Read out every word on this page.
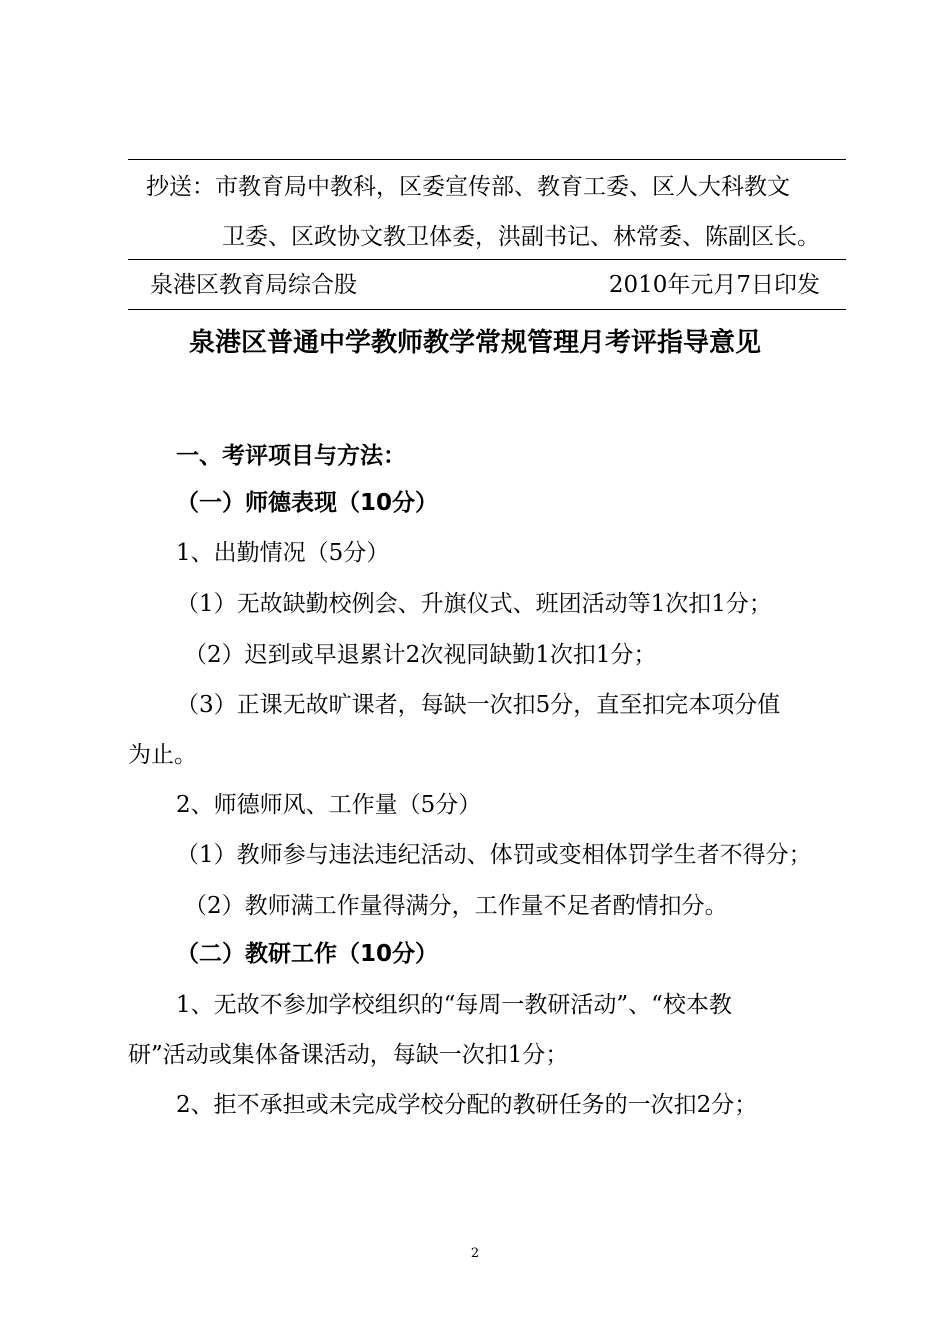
抄送：市教育局中教科，区委宣传部、教育工委、区人大科教文
卫委、区政协文教卫体委，洪副书记、林常委、陈副区长。
泉港区教育局综合股	2010年元月7日印发
泉港区普通中学教师教学常规管理月考评指导意见
一、考评项目与方法：
（一）师德表现（10分）
1、出勤情况（5分）
（1）无故缺勤校例会、升旗仪式、班团活动等1次扣1分；
（2）迟到或早退累计2次视同缺勤1次扣1分；
（3）正课无故旷课者，每缺一次扣5分，直至扣完本项分值
为止。
2、师德师风、工作量（5分）
（1）教师参与违法违纪活动、体罚或变相体罚学生者不得分；
（2）教师满工作量得满分，工作量不足者酌情扣分。
（二）教研工作（10分）
1、无故不参加学校组织的“每周一教研活动”、“校本教
研”活动或集体备课活动，每缺一次扣1分；
2、拒不承担或未完成学校分配的教研任务的一次扣2分；
2
